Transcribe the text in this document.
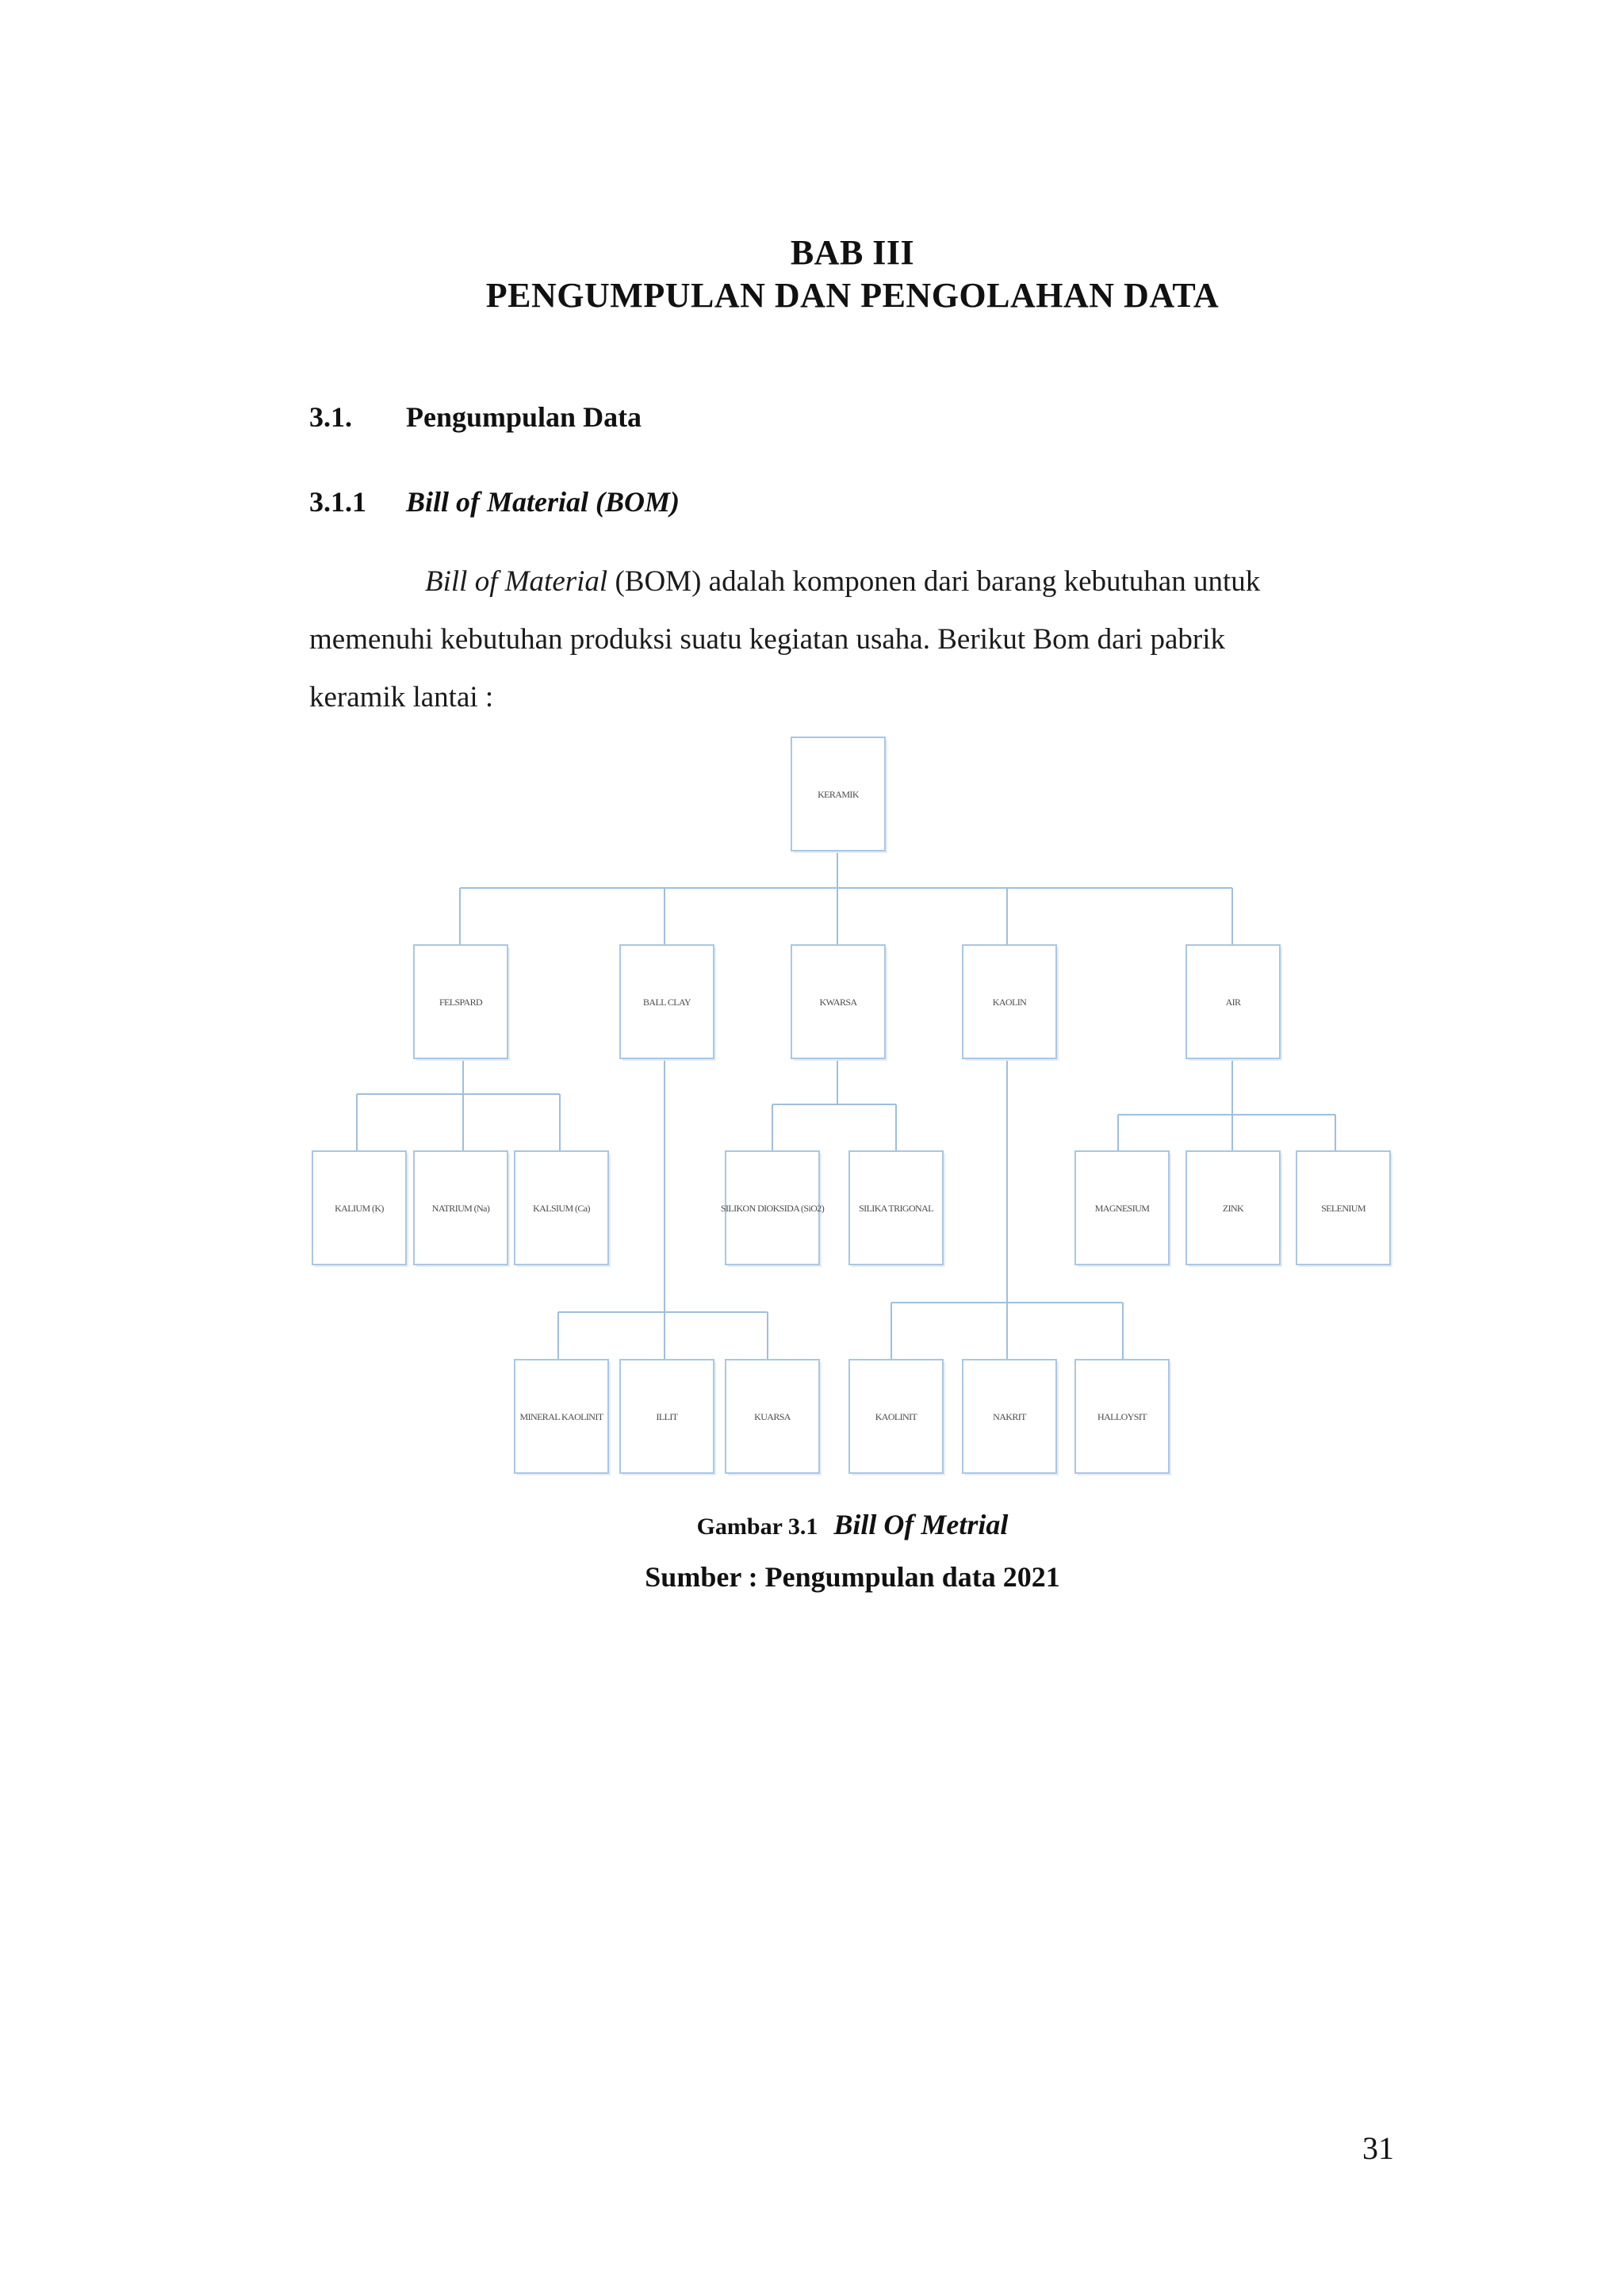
BAB III
PENGUMPULAN DAN PENGOLAHAN DATA
3.1. Pengumpulan Data
3.1.1 Bill of Material (BOM)
Bill of Material (BOM) adalah komponen dari barang kebutuhan untuk
memenuhi kebutuhan produksi suatu kegiatan usaha. Berikut Bom dari pabrik
keramik lantai :
KERAMIK
FELSPARD	BALL CLAY	KWARSA	KAOLIN	AIR
KALIUM (K)	NATRIUM (Na)	KALSIUM (Ca)	SILIKON DIOKSIDA (SiO2)	SILIKA TRIGONAL	MAGNESIUM	ZINK	SELENIUM
MINERAL KAOLINIT	ILLIT	KUARSA	KAOLINIT	NAKRIT	HALLOYSIT
Gambar 3.1 Bill Of Metrial
Sumber : Pengumpulan data 2021
31
